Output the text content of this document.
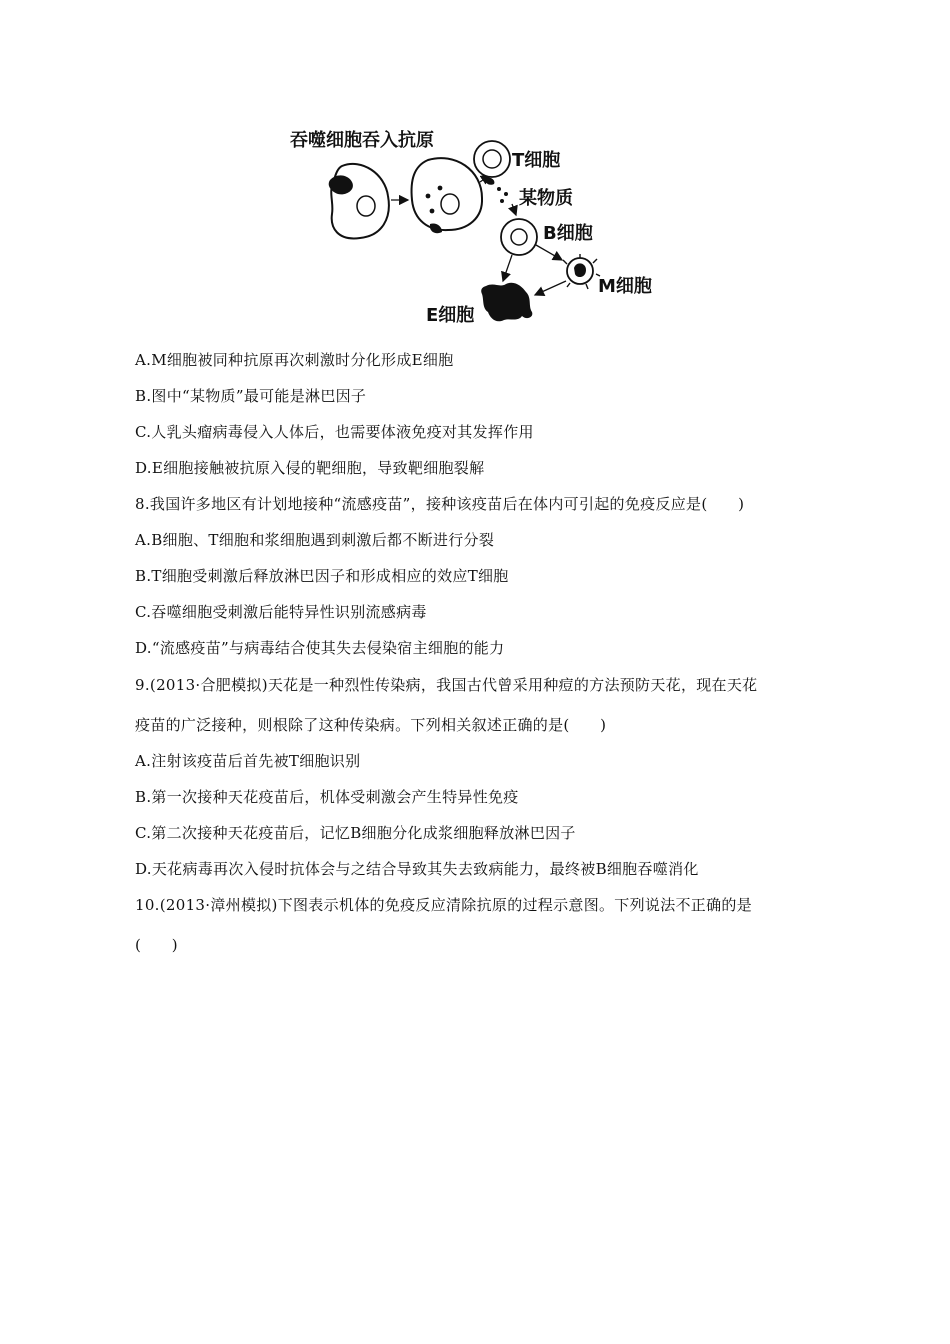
吞噬细胞吞入抗原
T细胞
某物质
B细胞
M细胞
E细胞
A.M细胞被同种抗原再次刺激时分化形成E细胞
B.图中“某物质”最可能是淋巴因子
C.人乳头瘤病毒侵入人体后，也需要体液免疫对其发挥作用
D.E细胞接触被抗原入侵的靶细胞，导致靶细胞裂解
8.我国许多地区有计划地接种“流感疫苗”，接种该疫苗后在体内可引起的免疫反应是(　　)
A.B细胞、T细胞和浆细胞遇到刺激后都不断进行分裂
B.T细胞受刺激后释放淋巴因子和形成相应的效应T细胞
C.吞噬细胞受刺激后能特异性识别流感病毒
D.“流感疫苗”与病毒结合使其失去侵染宿主细胞的能力
9.(2013·合肥模拟)天花是一种烈性传染病，我国古代曾采用种痘的方法预防天花，现在天花
疫苗的广泛接种，则根除了这种传染病。下列相关叙述正确的是(　　)
A.注射该疫苗后首先被T细胞识别
B.第一次接种天花疫苗后，机体受刺激会产生特异性免疫
C.第二次接种天花疫苗后，记忆B细胞分化成浆细胞释放淋巴因子
D.天花病毒再次入侵时抗体会与之结合导致其失去致病能力，最终被B细胞吞噬消化
10.(2013·漳州模拟)下图表示机体的免疫反应清除抗原的过程示意图。下列说法不正确的是
(　　)
